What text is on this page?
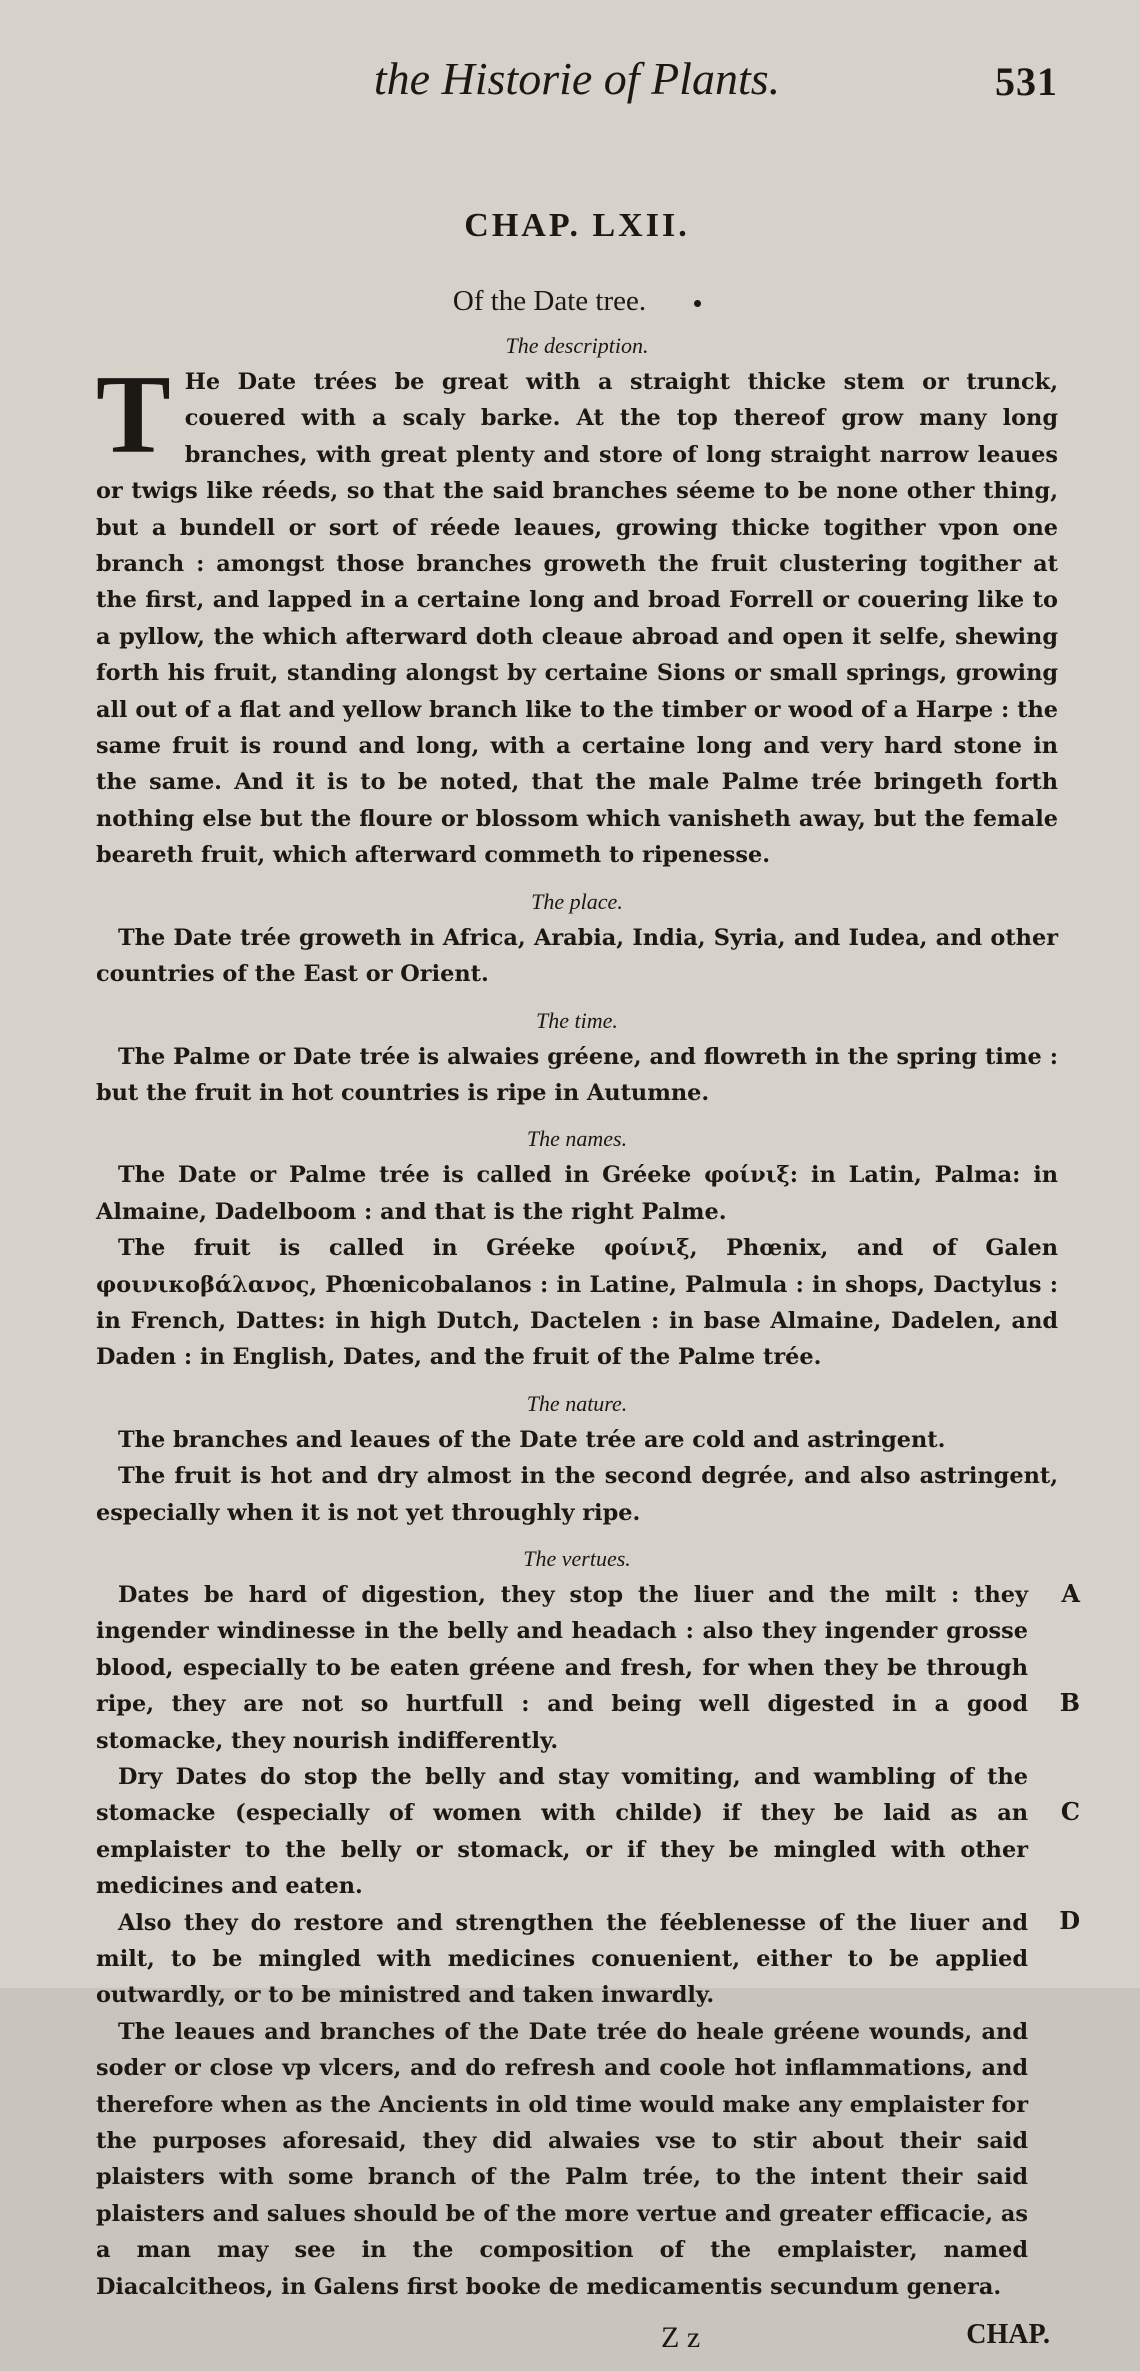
the Historie of Plants.	531
CHAP. LXII.
Of the Date tree.
The description.
T He Date trées be great with a straight thicke stem or trunck, couered with a scaly barke. At the top thereof grow many long branches, with great plenty and store of long straight narrow leaues or twigs like réeds, so that the said branches séeme to be none other thing, but a bundell or sort of réede leaues, growing thicke togither vpon one branch : amongst those branches groweth the fruit clustering togither at the first, and lapped in a certaine long and broad Forrell or couering like to a pyllow, the which afterward doth cleaue abroad and open it selfe, shewing forth his fruit, standing alongst by certaine Sions or small springs, growing all out of a flat and yellow branch like to the timber or wood of a Harpe : the same fruit is round and long, with a certaine long and very hard stone in the same. And it is to be noted, that the male Palme trée bringeth forth nothing else but the floure or blossom which vanisheth away, but the female beareth fruit, which afterward commeth to ripenesse.
The place.

The Date trée groweth in Africa, Arabia, India, Syria, and Iudea, and other countries of the East or Orient.

The time.

The Palme or Date trée is alwaies gréene, and flowreth in the spring time : but the fruit in hot countries is ripe in Autumne.

The names.

The Date or Palme trée is called in Gréeke φοίνιξ: in Latin, Palma: in Almaine, Dadelboom : and that is the right Palme.

The fruit is called in Gréeke φοίνιξ, Phœnix, and of Galen φοινικοβάλανος, Phœnicobalanos : in Latine, Palmula : in shops, Dactylus : in French, Dattes: in high Dutch, Dactelen : in base Almaine, Dadelen, and Daden : in English, Dates, and the fruit of the Palme trée.

The nature.

The branches and leaues of the Date trée are cold and astringent.

The fruit is hot and dry almost in the second degrée, and also astringent, especially when it is not yet throughly ripe.

The vertues.

Dates be hard of digestion, they stop the liuer and the milt : they ingender windinesse in the belly and headach : also they ingender grosse blood, especially to be eaten gréene and fresh, for when they be through ripe, they are not so hurtfull : and being well digested in a good stomacke, they nourish indifferently.

Dry Dates do stop the belly and stay vomiting, and wambling of the stomacke (especially of women with childe) if they be laid as an emplaister to the belly or stomack, or if they be mingled with other medicines and eaten.

Also they do restore and strengthen the féeblenesse of the liuer and milt, to be mingled with medicines conuenient, either to be applied outwardly, or to be ministred and taken inwardly.

The leaues and branches of the Date trée do heale gréene wounds, and soder or close vp vlcers, and do refresh and coole hot inflammations, and therefore when as the Ancients in old time would make any emplaister for the purposes aforesaid, they did alwaies vse to stir about their said plaisters with some branch of the Palm trée, to the intent their said plaisters and salues should be of the more vertue and greater efficacie, as a man may see in the composition of the emplaister, named Diacalcitheos, in Galens first booke de medicamentis secundum genera.

A
B
C
D
Z z	CHAP.
